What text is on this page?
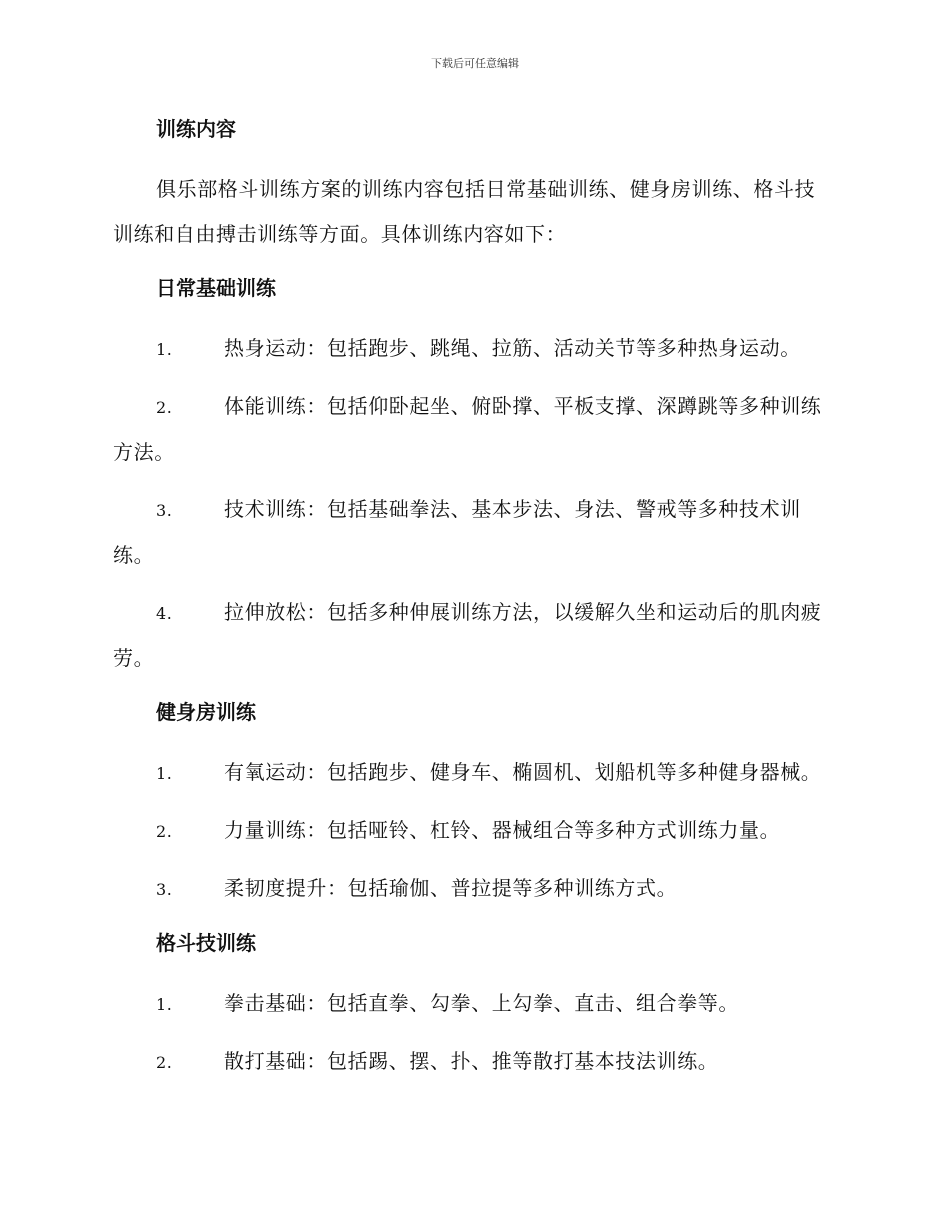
下载后可任意编辑
训练内容
俱乐部格斗训练方案的训练内容包括日常基础训练、健身房训练、格斗技训练和自由搏击训练等方面。具体训练内容如下：
日常基础训练
1.	热身运动：包括跑步、跳绳、拉筋、活动关节等多种热身运动。
2.	体能训练：包括仰卧起坐、俯卧撑、平板支撑、深蹲跳等多种训练方法。
3.	技术训练：包括基础拳法、基本步法、身法、警戒等多种技术训练。
4.	拉伸放松：包括多种伸展训练方法，以缓解久坐和运动后的肌肉疲劳。
健身房训练
1.	有氧运动：包括跑步、健身车、椭圆机、划船机等多种健身器械。
2.	力量训练：包括哑铃、杠铃、器械组合等多种方式训练力量。
3.	柔韧度提升：包括瑜伽、普拉提等多种训练方式。
格斗技训练
1.	拳击基础：包括直拳、勾拳、上勾拳、直击、组合拳等。
2.	散打基础：包括踢、摆、扑、推等散打基本技法训练。
